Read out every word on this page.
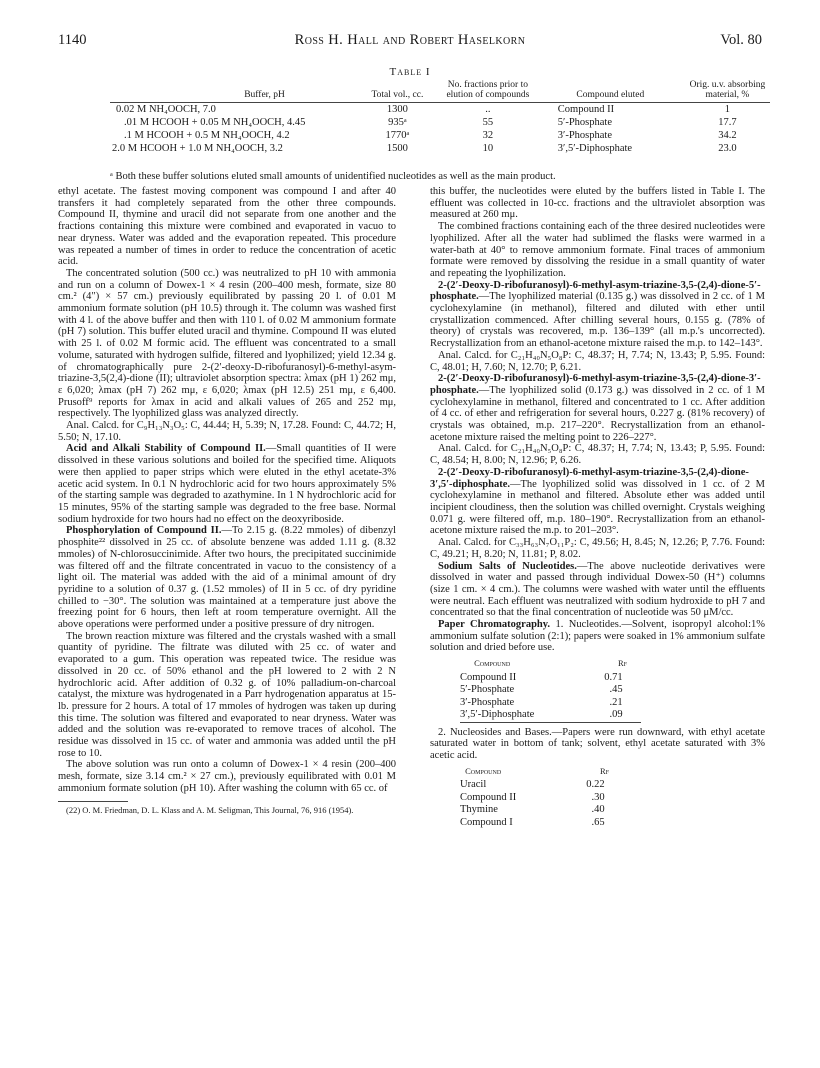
1140	Ross H. Hall and Robert Haselkorn	Vol. 80
Table I
Buffer, pH	Total vol., cc.	No. fractions prior to elution of compounds	Compound eluted	Orig. u.v. absorbing material, %
0.02 M NH₄OOCH, 7.0	1300	..	Compound II	1
.01 M HCOOH + 0.05 M NH₄OOCH, 4.45	935ᵃ	55	5′-Phosphate	17.7
.1 M HCOOH + 0.5 M NH₄OOCH, 4.2	1770ᵃ	32	3′-Phosphate	34.2
2.0 M HCOOH + 1.0 M NH₄OOCH, 3.2	1500	10	3′,5′-Diphosphate	23.0
ᵃ Both these buffer solutions eluted small amounts of unidentified nucleotides as well as the main product.

ethyl acetate. The fastest moving component was compound I and after 40 transfers it had completely separated from the other three compounds. Compound II, thymine and uracil did not separate from one another and the fractions containing this mixture were combined and evaporated in vacuo to near dryness. Water was added and the evaporation repeated. This procedure was repeated a number of times in order to reduce the concentration of acetic acid.

The concentrated solution (500 cc.) was neutralized to pH 10 with ammonia and run on a column of Dowex-1 × 4 resin (200–400 mesh, formate, size 80 cm.² (4″) × 57 cm.) previously equilibrated by passing 20 l. of 0.01 M ammonium formate solution (pH 10.5) through it. The column was washed first with 4 l. of the above buffer and then with 110 l. of 0.02 M ammonium formate (pH 7) solution. This buffer eluted uracil and thymine. Compound II was eluted with 25 l. of 0.02 M formic acid. The effluent was concentrated to a small volume, saturated with hydrogen sulfide, filtered and lyophilized; yield 12.34 g. of chromatographically pure 2-(2′-deoxy-D-ribofuranosyl)-6-methyl-asym-triazine-3,5(2,4)-dione (II); ultraviolet absorption spectra: λmax (pH 1) 262 mμ, ε 6,020; λmax (pH 7) 262 mμ, ε 6,020; λmax (pH 12.5) 251 mμ, ε 6,400. Prusoff⁹ reports for λmax in acid and alkali values of 265 and 252 mμ, respectively. The lyophilized glass was analyzed directly.

Anal. Calcd. for C₉H₁₃N₃O₅: C, 44.44; H, 5.39; N, 17.28. Found: C, 44.72; H, 5.50; N, 17.10.

Acid and Alkali Stability of Compound II.—Small quantities of II were dissolved in these various solutions and boiled for the specified time. Aliquots were then applied to paper strips which were eluted in the ethyl acetate-3% acetic acid system. In 0.1 N hydrochloric acid for two hours approximately 5% of the starting sample was degraded to azathymine. In 1 N hydrochloric acid for 15 minutes, 95% of the starting sample was degraded to the free base. Normal sodium hydroxide for two hours had no effect on the deoxyriboside.

Phosphorylation of Compound II.—To 2.15 g. (8.22 mmoles) of dibenzyl phosphite²² dissolved in 25 cc. of absolute benzene was added 1.11 g. (8.32 mmoles) of N-chlorosuccinimide. After two hours, the precipitated succinimide was filtered off and the filtrate concentrated in vacuo to the consistency of a light oil. The material was added with the aid of a minimal amount of dry pyridine to a solution of 0.37 g. (1.52 mmoles) of II in 5 cc. of dry pyridine chilled to −30°. The solution was maintained at a temperature just above the freezing point for 6 hours, then left at room temperature overnight. All the above operations were performed under a positive pressure of dry nitrogen.

The brown reaction mixture was filtered and the crystals washed with a small quantity of pyridine. The filtrate was diluted with 25 cc. of water and evaporated to a gum. This operation was repeated twice. The residue was dissolved in 20 cc. of 50% ethanol and the pH lowered to 2 with 2 N hydrochloric acid. After addition of 0.32 g. of 10% palladium-on-charcoal catalyst, the mixture was hydrogenated in a Parr hydrogenation apparatus at 15-lb. pressure for 2 hours. A total of 17 mmoles of hydrogen was taken up during this time. The solution was filtered and evaporated to near dryness. Water was added and the solution was re-evaporated to remove traces of alcohol. The residue was dissolved in 15 cc. of water and ammonia was added until the pH rose to 10.

The above solution was run onto a column of Dowex-1 × 4 resin (200–400 mesh, formate, size 3.14 cm.² × 27 cm.), previously equilibrated with 0.01 M ammonium formate solution (pH 10). After washing the column with 65 cc. of

(22) O. M. Friedman, D. L. Klass and A. M. Seligman, This Journal, 76, 916 (1954).

this buffer, the nucleotides were eluted by the buffers listed in Table I. The effluent was collected in 10-cc. fractions and the ultraviolet absorption was measured at 260 mμ.

The combined fractions containing each of the three desired nucleotides were lyophilized. After all the water had sublimed the flasks were warmed in a water-bath at 40° to remove ammonium formate. Final traces of ammonium formate were removed by dissolving the residue in a small quantity of water and repeating the lyophilization.

2-(2′-Deoxy-D-ribofuranosyl)-6-methyl-asym-triazine-3,5-(2,4)-dione-5′-phosphate.—The lyophilized material (0.135 g.) was dissolved in 2 cc. of 1 M cyclohexylamine (in methanol), filtered and diluted with ether until crystallization commenced. After chilling several hours, 0.155 g. (78% of theory) of crystals was recovered, m.p. 136–139° (all m.p.'s uncorrected). Recrystallization from an ethanol-acetone mixture raised the m.p. to 142–143°.

Anal. Calcd. for C₂₁H₄₀N₅O₈P: C, 48.37; H, 7.74; N, 13.43; P, 5.95. Found: C, 48.01; H, 7.60; N, 12.70; P, 6.21.

2-(2′-Deoxy-D-ribofuranosyl)-6-methyl-asym-triazine-3,5-(2,4)-dione-3′-phosphate.—The lyophilized solid (0.173 g.) was dissolved in 2 cc. of 1 M cyclohexylamine in methanol, filtered and concentrated to 1 cc. After addition of 4 cc. of ether and refrigeration for several hours, 0.227 g. (81% recovery) of crystals was obtained, m.p. 217–220°. Recrystallization from an ethanol-acetone mixture raised the melting point to 226–227°.

Anal. Calcd. for C₂₁H₄₀N₅O₈P: C, 48.37; H, 7.74; N, 13.43; P, 5.95. Found: C, 48.54; H, 8.00; N, 12.96; P, 6.26.

2-(2′-Deoxy-D-ribofuranosyl)-6-methyl-asym-triazine-3,5-(2,4)-dione-3′,5′-diphosphate.—The lyophilized solid was dissolved in 1 cc. of 2 M cyclohexylamine in methanol and filtered. Absolute ether was added until incipient cloudiness, then the solution was chilled overnight. Crystals weighing 0.071 g. were filtered off, m.p. 180–190°. Recrystallization from an ethanol-acetone mixture raised the m.p. to 201–203°.

Anal. Calcd. for C₃₃H₆₃N₇O₁₁P₂: C, 49.56; H, 8.45; N, 12.26; P, 7.76. Found: C, 49.21; H, 8.20; N, 11.81; P, 8.02.

Sodium Salts of Nucleotides.—The above nucleotide derivatives were dissolved in water and passed through individual Dowex-50 (H⁺) columns (size 1 cm. × 4 cm.). The columns were washed with water until the effluents were neutral. Each effluent was neutralized with sodium hydroxide to pH 7 and concentrated so that the final concentration of nucleotide was 50 μM/cc.

Paper Chromatography. 1. Nucleotides.—Solvent, isopropyl alcohol:1% ammonium sulfate solution (2:1); papers were soaked in 1% ammonium sulfate solution and dried before use.

Compound	Rf
Compound II	0.71
5′-Phosphate	.45
3′-Phosphate	.21
3′,5′-Diphosphate	.09

2. Nucleosides and Bases.—Papers were run downward, with ethyl acetate saturated water in bottom of tank; solvent, ethyl acetate saturated with 3% acetic acid.

Compound	Rf
Uracil	0.22
Compound II	.30
Thymine	.40
Compound I	.65
